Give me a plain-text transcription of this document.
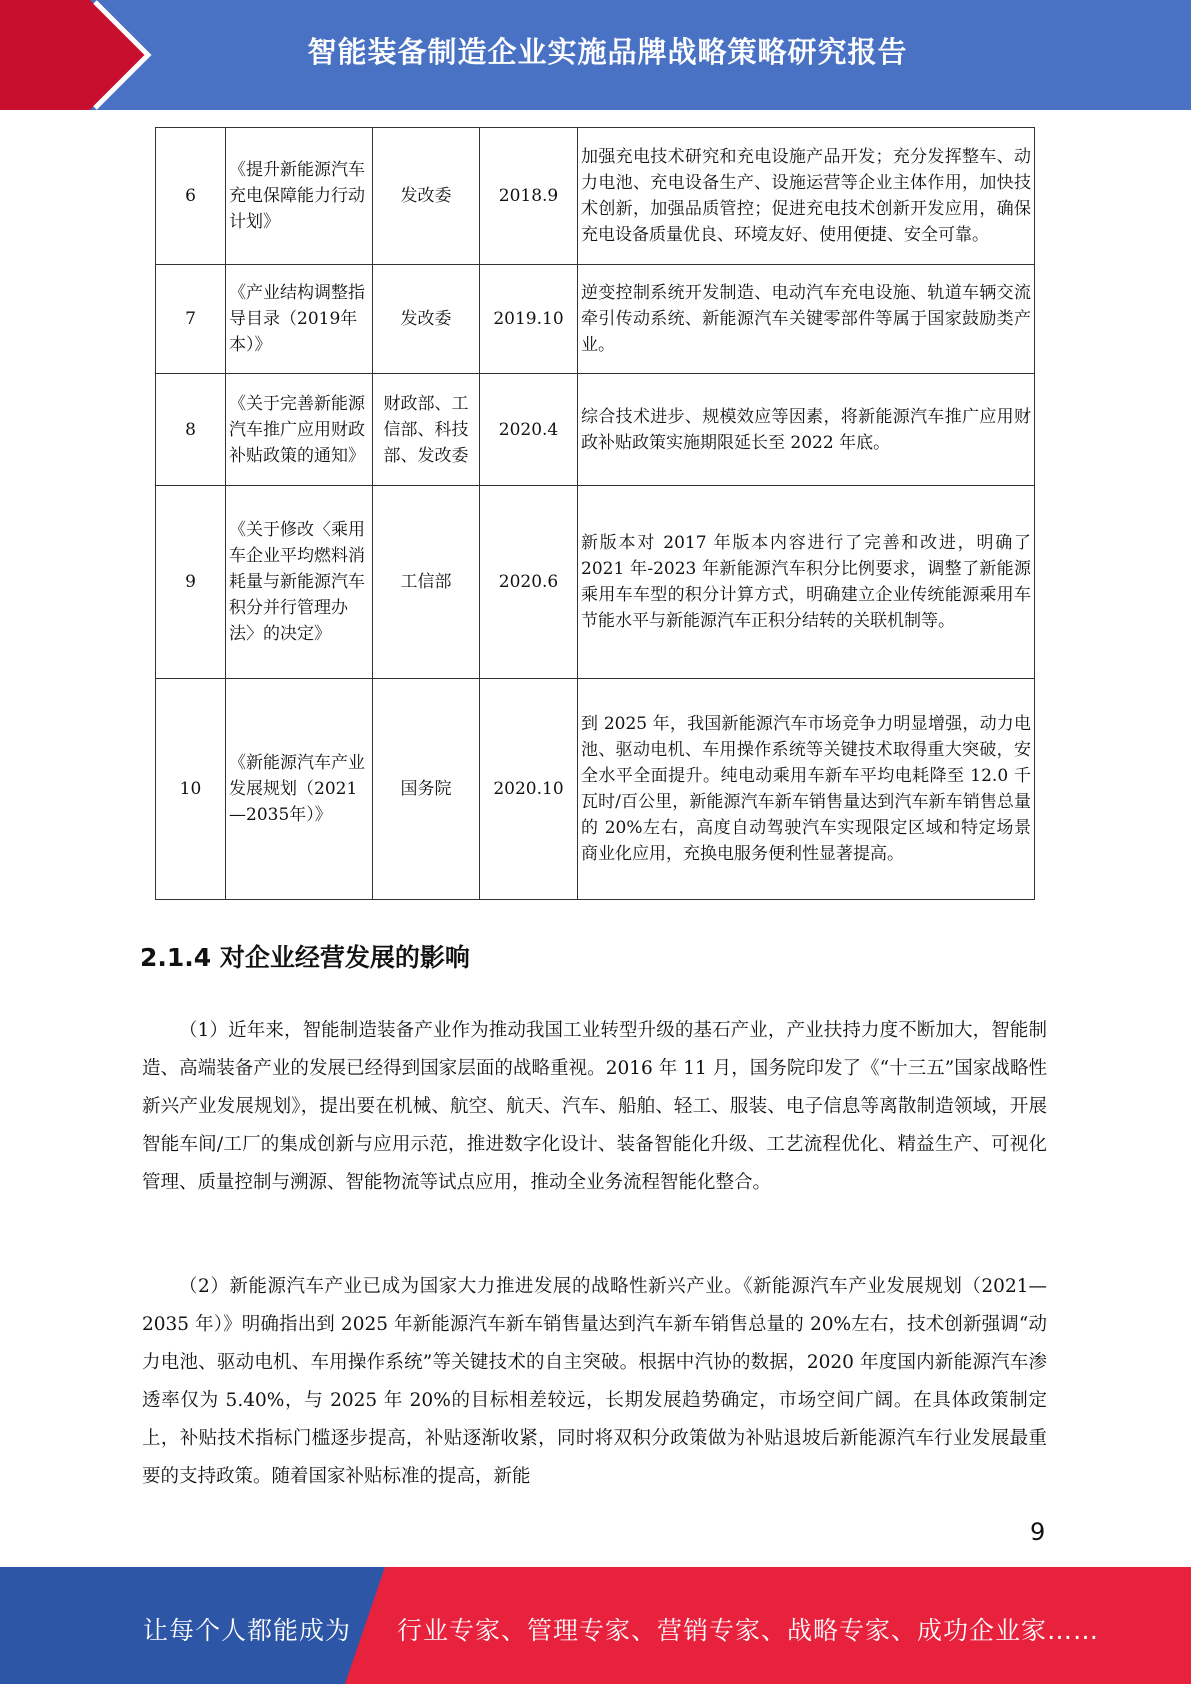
智能装备制造企业实施品牌战略策略研究报告
6	《提升新能源汽车充电保障能力行动计划》	发改委	2018.9	加强充电技术研究和充电设施产品开发；充分发挥整车、动力电池、充电设备生产、设施运营等企业主体作用，加快技术创新，加强品质管控；促进充电技术创新开发应用，确保充电设备质量优良、环境友好、使用便捷、安全可靠。
7	《产业结构调整指导目录（2019年本）》	发改委	2019.10	逆变控制系统开发制造、电动汽车充电设施、轨道车辆交流牵引传动系统、新能源汽车关键零部件等属于国家鼓励类产业。
8	《关于完善新能源汽车推广应用财政补贴政策的通知》	财政部、工信部、科技部、发改委	2020.4	综合技术进步、规模效应等因素，将新能源汽车推广应用财政补贴政策实施期限延长至 2022 年底。
9	《关于修改〈乘用车企业平均燃料消耗量与新能源汽车积分并行管理办法〉的决定》	工信部	2020.6	新版本对 2017 年版本内容进行了完善和改进，明确了 2021 年-2023 年新能源汽车积分比例要求，调整了新能源乘用车车型的积分计算方式，明确建立企业传统能源乘用车节能水平与新能源汽车正积分结转的关联机制等。
10	《新能源汽车产业发展规划（2021—2035年）》	国务院	2020.10	到 2025 年，我国新能源汽车市场竞争力明显增强，动力电池、驱动电机、车用操作系统等关键技术取得重大突破，安全水平全面提升。纯电动乘用车新车平均电耗降至 12.0 千瓦时/百公里，新能源汽车新车销售量达到汽车新车销售总量的 20%左右，高度自动驾驶汽车实现限定区域和特定场景商业化应用，充换电服务便利性显著提高。
2.1.4 对企业经营发展的影响

（1）近年来，智能制造装备产业作为推动我国工业转型升级的基石产业，产业扶持力度不断加大，智能制造、高端装备产业的发展已经得到国家层面的战略重视。2016 年 11 月，国务院印发了《“十三五”国家战略性新兴产业发展规划》，提出要在机械、航空、航天、汽车、船舶、轻工、服装、电子信息等离散制造领域，开展智能车间/工厂的集成创新与应用示范，推进数字化设计、装备智能化升级、工艺流程优化、精益生产、可视化管理、质量控制与溯源、智能物流等试点应用，推动全业务流程智能化整合。

（2）新能源汽车产业已成为国家大力推进发展的战略性新兴产业。《新能源汽车产业发展规划（2021—2035 年）》明确指出到 2025 年新能源汽车新车销售量达到汽车新车销售总量的 20%左右，技术创新强调“动力电池、驱动电机、车用操作系统”等关键技术的自主突破。根据中汽协的数据，2020 年度国内新能源汽车渗透率仅为 5.40%，与 2025 年 20%的目标相差较远，长期发展趋势确定，市场空间广阔。在具体政策制定上，补贴技术指标门槛逐步提高，补贴逐渐收紧，同时将双积分政策做为补贴退坡后新能源汽车行业发展最重要的支持政策。随着国家补贴标准的提高，新能

9
让每个人都能成为 行业专家、管理专家、营销专家、战略专家、成功企业家……
